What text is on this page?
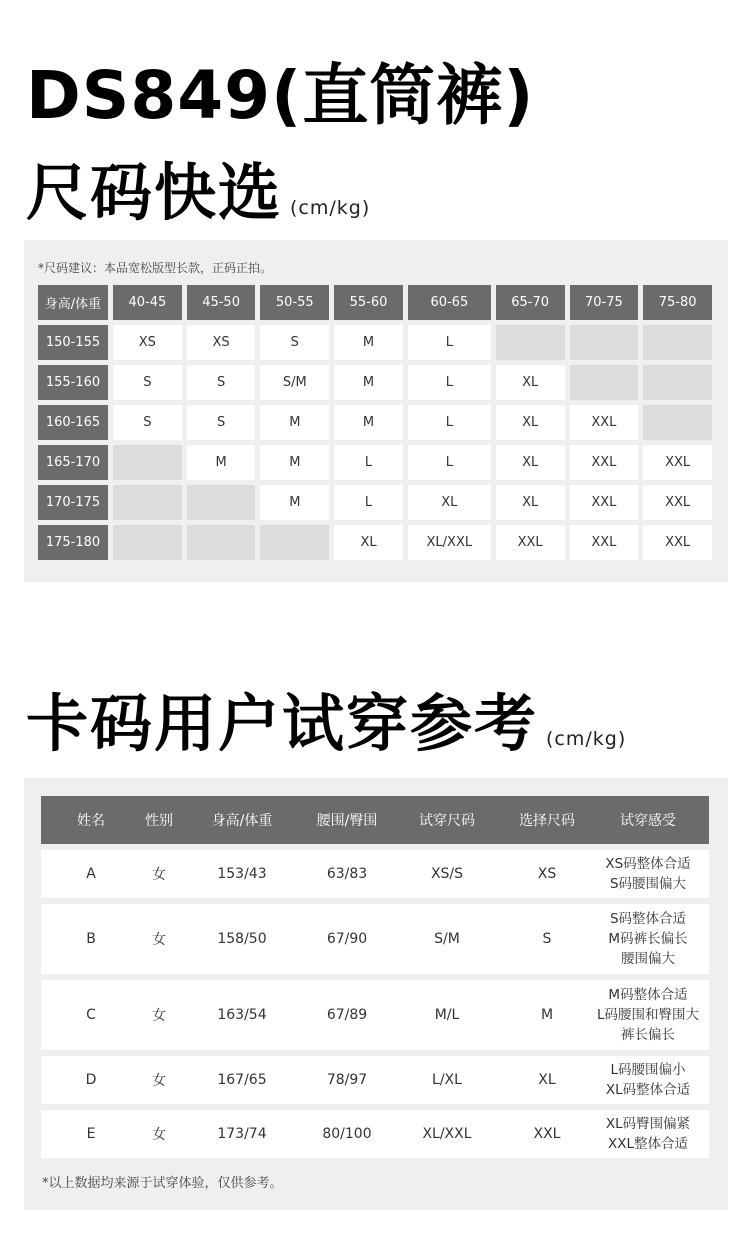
DS849(直筒裤)
尺码快选 (cm/kg)
*尺码建议：本品宽松版型长款，正码正拍。
身高/体重	40-45	45-50	50-55	55-60	60-65	65-70	70-75	75-80
150-155	XS	XS	S	M	L			
155-160	S	S	S/M	M	L	XL		
160-165	S	S	M	M	L	XL	XXL	
165-170		M	M	L	L	XL	XXL	XXL
170-175			M	L	XL	XL	XXL	XXL
175-180				XL	XL/XXL	XXL	XXL	XXL
卡码用户试穿参考 (cm/kg)
姓名	性别	身高/体重	腰围/臀围	试穿尺码	选择尺码	试穿感受
A	女	153/43	63/83	XS/S	XS	XS码整体合适
S码腰围偏大

B	女	158/50	67/90	S/M	S	S码整体合适
M码裤长偏长
腰围偏大

C	女	163/54	67/89	M/L	M	M码整体合适
L码腰围和臀围大
裤长偏长

D	女	167/65	78/97	L/XL	XL	L码腰围偏小
XL码整体合适

E	女	173/74	80/100	XL/XXL	XXL	XL码臀围偏紧
XXL整体合适
*以上数据均来源于试穿体验，仅供参考。
